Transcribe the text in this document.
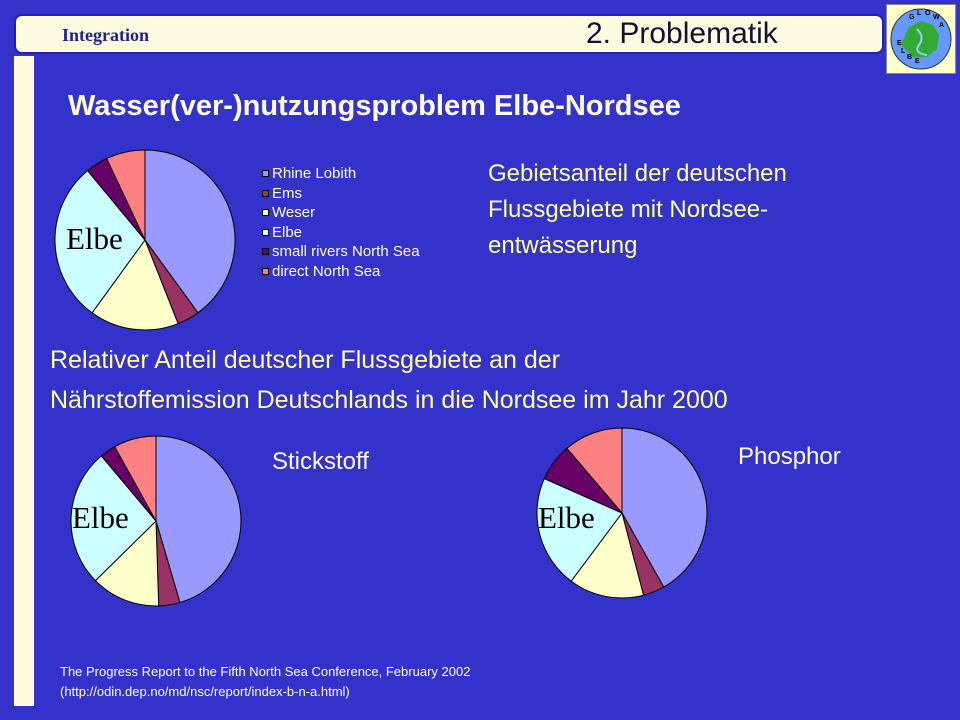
Integration	2. Problematik	G
L O
W
A
E
L
B
E
Wasser(ver-)nutzungsproblem Elbe-Nordsee
Elbe
Rhine Lobith
Ems
Weser
Elbe
small rivers North Sea
direct North Sea
Gebietsanteil der deutschen
Flussgebiete mit Nordsee-
entwässerung
Relativer Anteil deutscher Flussgebiete an der
Nährstoffemission Deutschlands in die Nordsee im Jahr 2000
Elbe
Stickstoff
Elbe
Phosphor
The Progress Report to the Fifth North Sea Conference, February 2002
(http://odin.dep.no/md/nsc/report/index-b-n-a.html)
